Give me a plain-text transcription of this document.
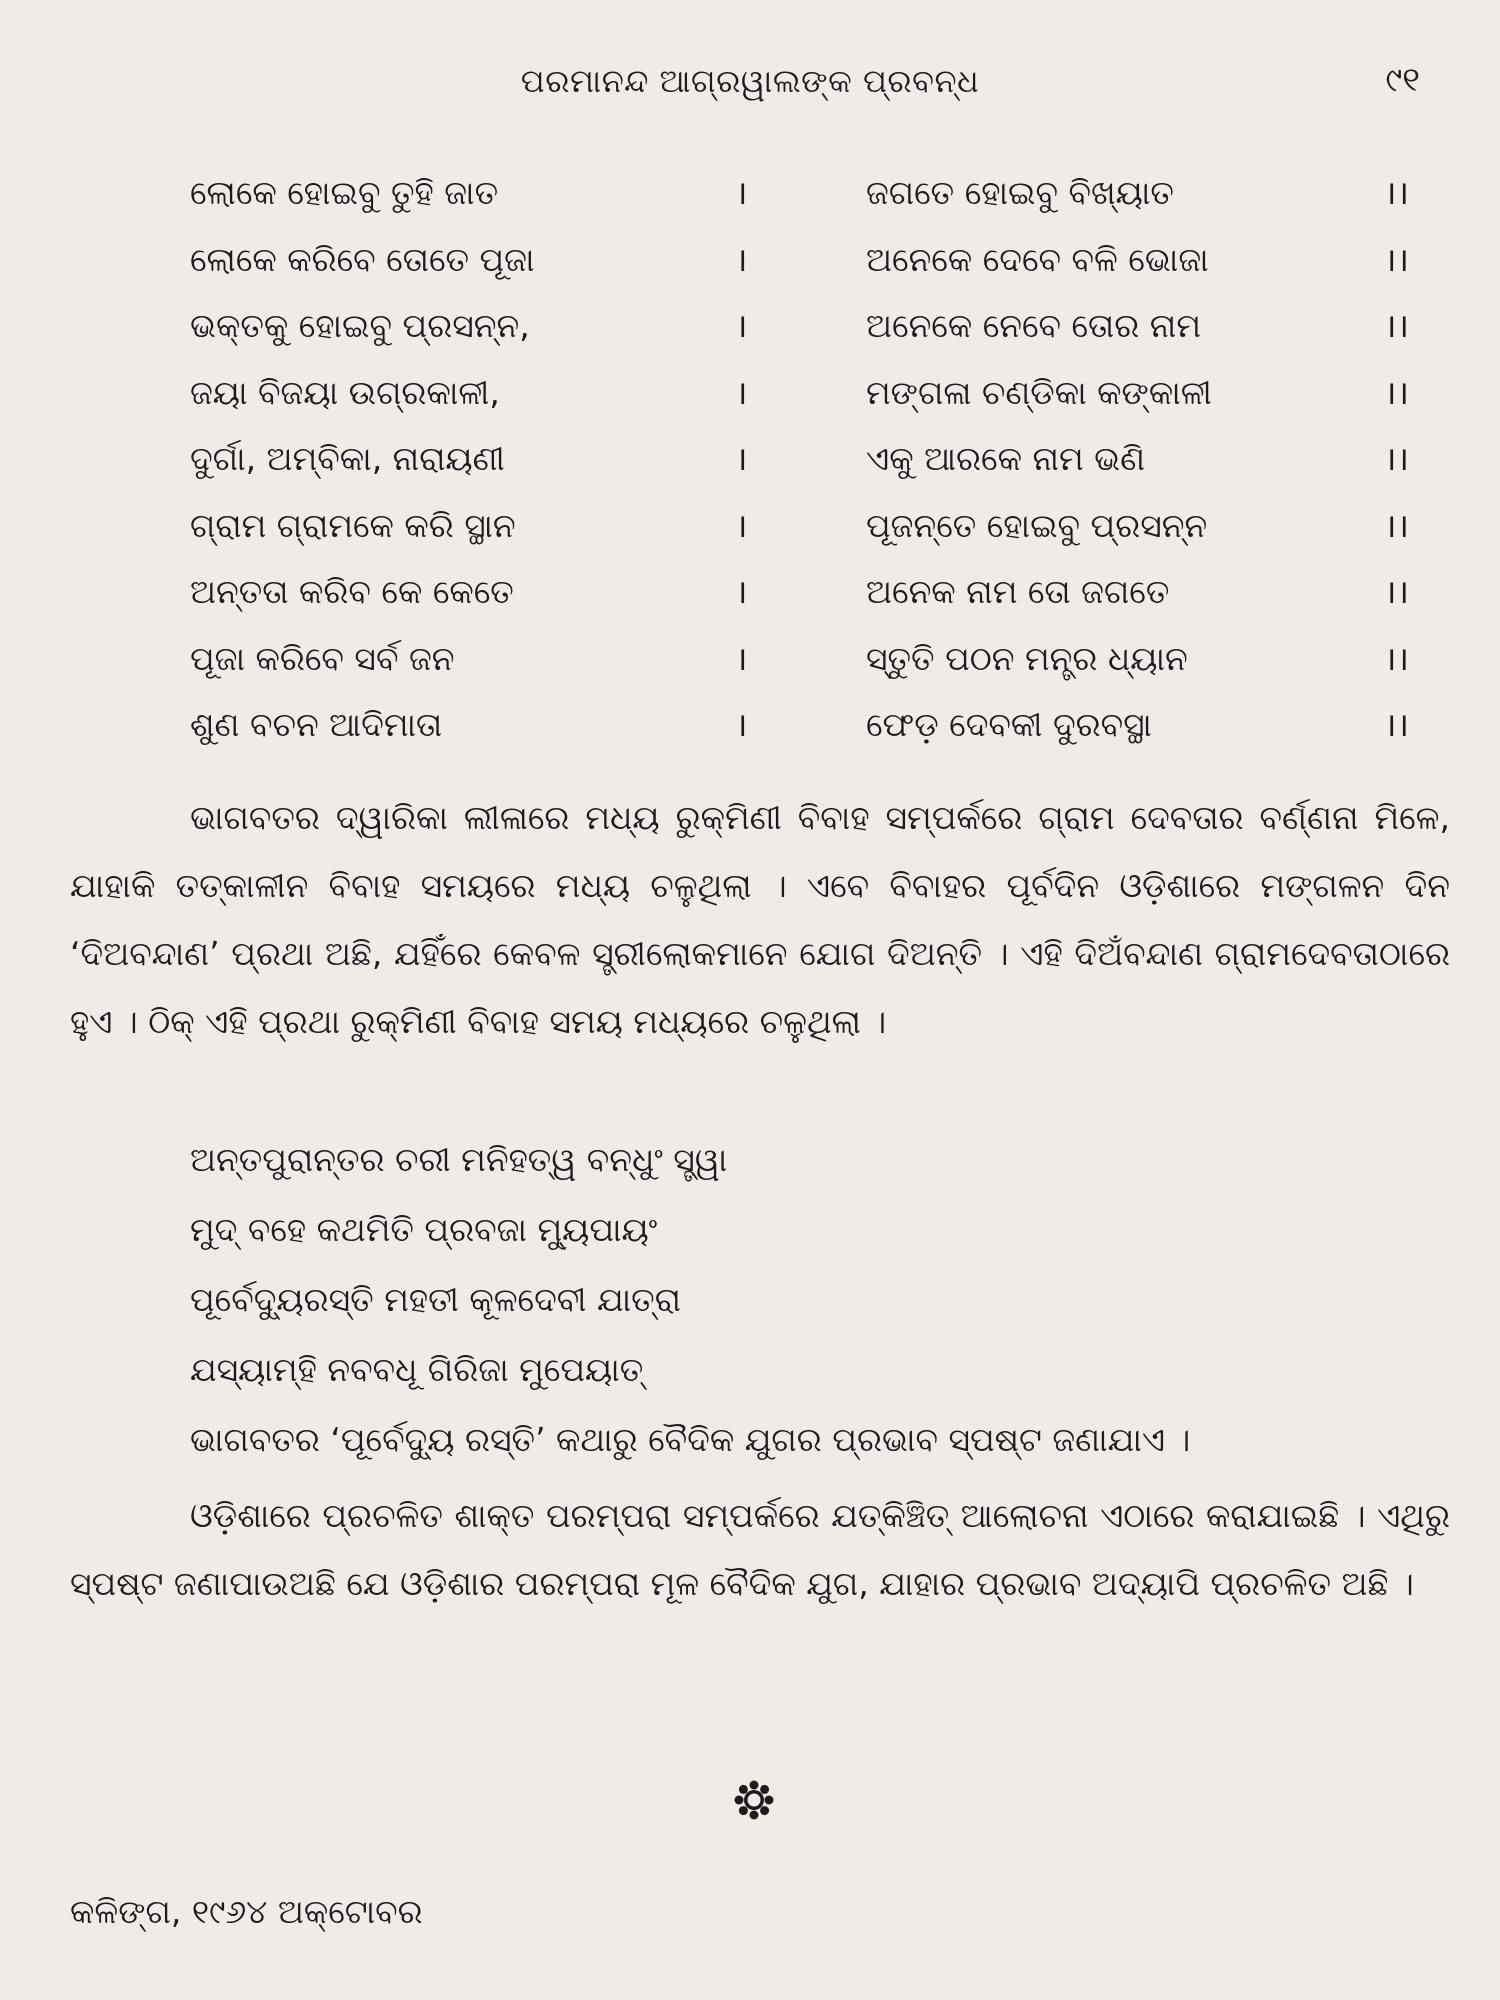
ପରମାନନ୍ଦ ଆଗ୍ରୱାଲଙ୍କ ପ୍ରବନ୍ଧ	୯୧
ଲୋକେ ହୋଇବୁ ତୁହି ଜାତ	।	ଜଗତେ ହୋଇବୁ ବିଖ୍ୟାତ	।।
ଲୋକେ କରିବେ ତୋତେ ପୂଜା	।	ଅନେକେ ଦେବେ ବଳି ଭୋଜା	।।
ଭକ୍ତକୁ ହୋଇବୁ ପ୍ରସନ୍ନ,	।	ଅନେକେ ନେବେ ତୋର ନାମ	।।
ଜୟା ବିଜୟା ଉଗ୍ରକାଳୀ,	।	ମଙ୍ଗଳା ଚଣ୍ଡିକା କଙ୍କାଳୀ	।।
ଦୁର୍ଗା, ଅମ୍ବିକା, ନାରାୟଣୀ	।	ଏକୁ ଆରକେ ନାମ ଭଣି	।।
ଗ୍ରାମ ଗ୍ରାମକେ କରି ସ୍ଥାନ	।	ପୂଜନ୍ତେ ହୋଇବୁ ପ୍ରସନ୍ନ	।।
ଅନ୍ତତା କରିବ କେ କେତେ	।	ଅନେକ ନାମ ତୋ ଜଗତେ	।।
ପୂଜା କରିବେ ସର୍ବ ଜନ	।	ସ୍ତୁତି ପଠନ ମନ୍ତ୍ର ଧ୍ୟାନ	।।
ଶୁଣ ବଚନ ଆଦିମାତା	।	ଫେଡ଼ ଦେବକୀ ଦୁରବସ୍ଥା	।।

ଭାଗବତର ଦ୍ୱାରିକା ଲୀଳାରେ ମଧ୍ୟ ରୁକ୍ମିଣୀ ବିବାହ ସମ୍ପର୍କରେ ଗ୍ରାମ ଦେବତାର ବର୍ଣ୍ଣନା ମିଳେ, ଯାହାକି ତତ୍‌କାଳୀନ ବିବାହ ସମୟରେ ମଧ୍ୟ ଚଳୁଥିଲା । ଏବେ ବିବାହର ପୂର୍ବଦିନ ଓଡ଼ିଶାରେ ମଙ୍ଗଳନ ଦିନ ‘ଦିଅବନ୍ଦାଣ’ ପ୍ରଥା ଅଛି, ଯହିଁରେ କେବଳ ସ୍ତ୍ରୀଲୋକମାନେ ଯୋଗ ଦିଅନ୍ତି । ଏହି ଦିଅଁବନ୍ଦାଣ ଗ୍ରାମଦେବତାଠାରେ ହୁଏ । ଠିକ୍ ଏହି ପ୍ରଥା ରୁକ୍ମିଣୀ ବିବାହ ସମୟ ମଧ୍ୟରେ ଚଳୁଥିଲା ।

ଅନ୍ତପୁରାନ୍ତର ଚରୀ ମନିହତ୍ୱ ବନ୍ଧୁଂ ସ୍ତ୍ୱା
ମୁଦ୍ ବହେ କଥମିତି ପ୍ରବଜା ମ୍ୟୁପାୟଂ
ପୂର୍ବେଦ୍ୟୁରସ୍ତି ମହତୀ କୂଳଦେବୀ ଯାତ୍ରା
ଯସ୍ୟାମ୍‌ହି ନବବଧୂ ଗିରିଜା ମୁପେୟାତ୍
ଭାଗବତର ‘ପୂର୍ବେଦ୍ୟୁ ରସ୍ତି’ କଥାରୁ ବୈଦିକ ଯୁଗର ପ୍ରଭାବ ସ୍ପଷ୍ଟ ଜଣାଯାଏ ।

ଓଡ଼ିଶାରେ ପ୍ରଚଳିତ ଶାକ୍ତ ପରମ୍ପରା ସମ୍ପର୍କରେ ଯତ୍‌କିଞ୍ଚିତ୍ ଆଲୋଚନା ଏଠାରେ କରାଯାଇଛି । ଏଥିରୁ ସ୍ପଷ୍ଟ ଜଣାପାଉଅଛି ଯେ ଓଡ଼ିଶାର ପରମ୍ପରା ମୂଳ ବୈଦିକ ଯୁଗ, ଯାହାର ପ୍ରଭାବ ଅଦ୍ୟାପି ପ୍ରଚଳିତ ଅଛି ।

କଳିଙ୍ଗ, ୧୯୬୪ ଅକ୍ଟୋବର
